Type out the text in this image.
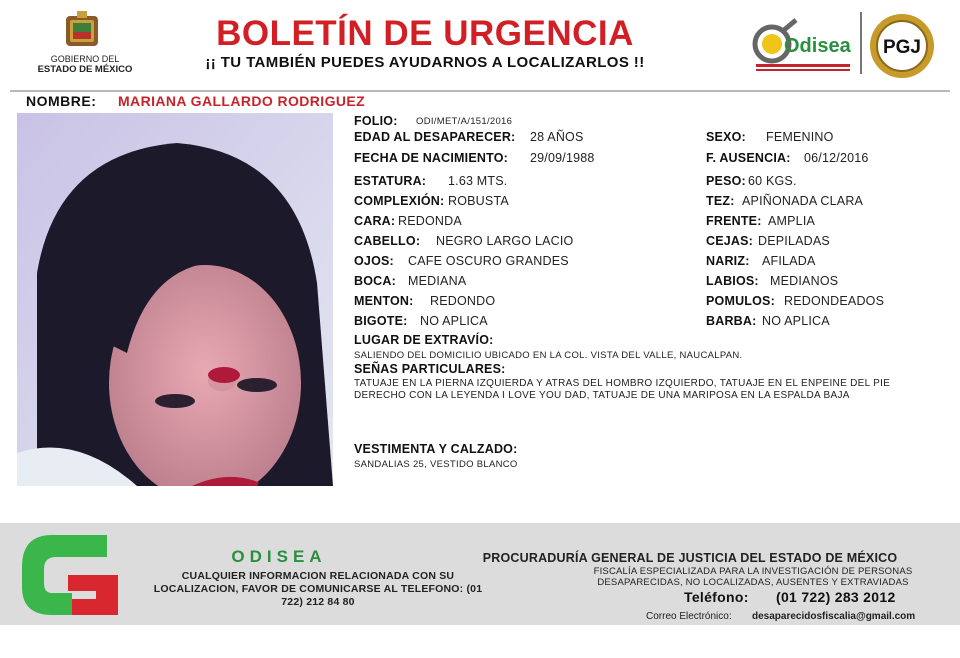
GOBIERNO DEL
ESTADO DE MÉXICO
BOLETÍN DE URGENCIA
¡¡ TU TAMBIÉN PUEDES AYUDARNOS A LOCALIZARLOS !!
Odisea PGJ
NOMBRE: MARIANA GALLARDO RODRIGUEZ
FOLIO: ODI/MET/A/151/2016
EDAD AL DESAPARECER: 28 AÑOS	SEXO: FEMENINO
FECHA DE NACIMIENTO: 29/09/1988	F. AUSENCIA: 06/12/2016
ESTATURA: 1.63 MTS.	PESO: 60 KGS.
COMPLEXIÓN: ROBUSTA	TEZ: APIÑONADA CLARA
CARA: REDONDA	FRENTE: AMPLIA
CABELLO: NEGRO LARGO LACIO	CEJAS: DEPILADAS
OJOS: CAFE OSCURO GRANDES	NARIZ: AFILADA
BOCA: MEDIANA	LABIOS: MEDIANOS
MENTON: REDONDO	POMULOS: REDONDEADOS
BIGOTE: NO APLICA	BARBA: NO APLICA
LUGAR DE EXTRAVÍO:
SALIENDO DEL DOMICILIO UBICADO EN LA COL. VISTA DEL VALLE, NAUCALPAN.
SEÑAS PARTICULARES:
TATUAJE EN LA PIERNA IZQUIERDA Y ATRAS DEL HOMBRO IZQUIERDO, TATUAJE EN EL ENPEINE DEL PIE DERECHO CON LA LEYENDA I LOVE YOU DAD, TATUAJE DE UNA MARIPOSA EN LA ESPALDA BAJA
VESTIMENTA Y CALZADO:
SANDALIAS 25, VESTIDO BLANCO
ODISEA
CUALQUIER INFORMACION RELACIONADA CON SU LOCALIZACION, FAVOR DE COMUNICARSE AL TELEFONO: (01 722) 212 84 80
PROCURADURÍA GENERAL DE JUSTICIA DEL ESTADO DE MÉXICO
FISCALÍA ESPECIALIZADA PARA LA INVESTIGACIÓN DE PERSONAS DESAPARECIDAS, NO LOCALIZADAS, AUSENTES Y EXTRAVIADAS
Teléfono: (01 722) 283 2012
Correo Electrónico: desaparecidosfiscalia@gmail.com
